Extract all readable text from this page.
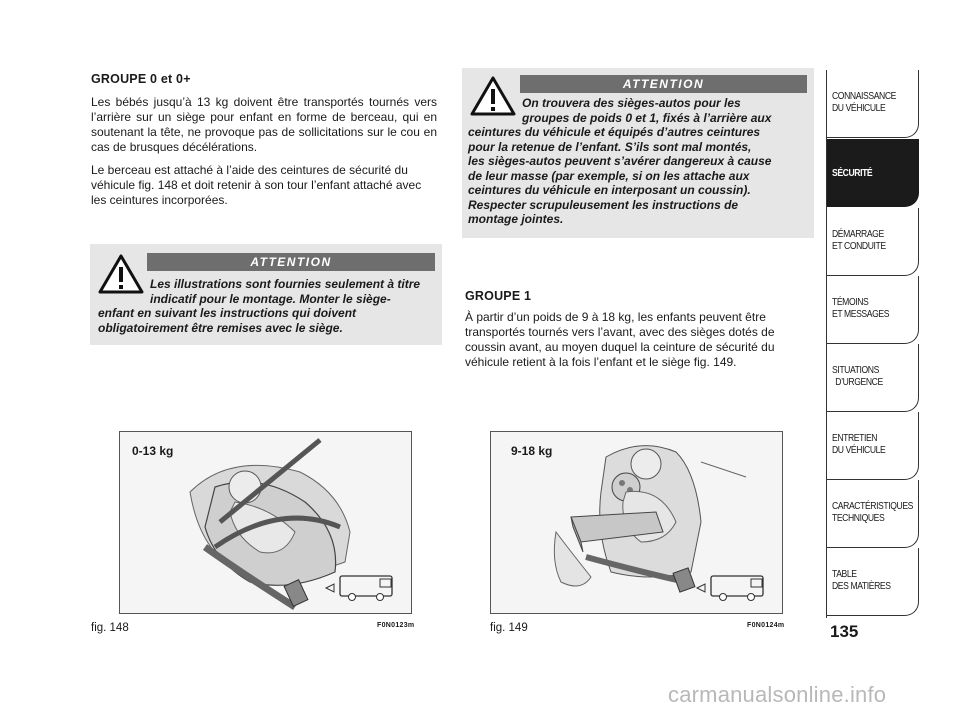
GROUPE 0 et 0+
Les bébés jusqu’à 13 kg doivent être transportés tournés vers l’arrière sur un siège pour enfant en forme de berceau, qui en soutenant la tête, ne provoque pas de sollicitations sur le cou en cas de brusques décélérations.
Le berceau est attaché à l’aide des ceintures de sécurité du véhicule fig. 148 et doit retenir à son tour l’enfant attaché avec les ceintures incorporées.
ATTENTION
Les illustrations sont fournies seulement à titre
indicatif pour le montage. Monter le siège-
enfant en suivant les instructions qui doivent
obligatoirement être remises avec le siège.
ATTENTION
On trouvera des sièges-autos pour les
groupes de poids 0 et 1, fixés à l’arrière aux
ceintures du véhicule et équipés d’autres ceintures
pour la retenue de l’enfant. S’ils sont mal montés,
les sièges-autos peuvent s’avérer dangereux à cause
de leur masse (par exemple, si on les attache aux
ceintures du véhicule en interposant un coussin).
Respecter scrupuleusement les instructions de
montage jointes.
GROUPE 1
À partir d’un poids de 9 à 18 kg, les enfants peuvent être transportés tournés vers l’avant, avec des sièges dotés de coussin avant, au moyen duquel la ceinture de sécurité du véhicule retient à la fois l’enfant et le siège fig. 149.
0-13 kg
fig. 148	F0N0123m
9-18 kg
fig. 149	F0N0124m
CONNAISSANCE
DU VÉHICULE
SÉCURITÉ
DÉMARRAGE
ET CONDUITE
TÉMOINS
ET MESSAGES
SITUATIONS
D’URGENCE
ENTRETIEN
DU VÉHICULE
CARACTÉRISTIQUES
TECHNIQUES
TABLE
DES MATIÈRES
135
carmanualsonline.info
